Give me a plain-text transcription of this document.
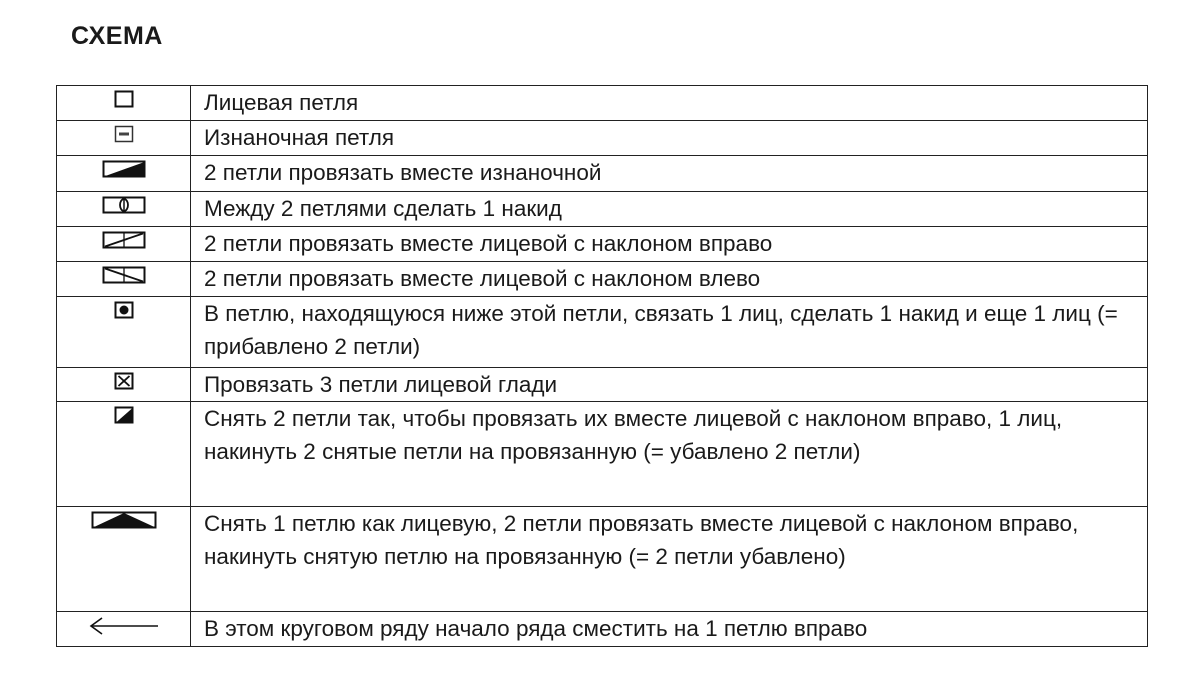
СХЕМА
	Лицевая петля

	Изнаночная петля

	2 петли провязать вместе изнаночной

	Между 2 петлями сделать 1 накид

	2 петли провязать вместе лицевой с наклоном вправо

	2 петли провязать вместе лицевой с наклоном влево

	В петлю, находящуюся ниже этой петли, связать 1 лиц, сделать 1 накид и еще 1 лиц (= прибавлено 2 петли)

	Провязать 3 петли лицевой глади

	Снять 2 петли так, чтобы провязать их вместе лицевой с наклоном вправо, 1 лиц, накинуть 2 снятые петли на провязанную (= убавлено 2 петли)

	Снять 1 петлю как лицевую, 2 петли провязать вместе лицевой с наклоном вправо, накинуть снятую петлю на провязанную (= 2 петли убавлено)

	В этом круговом ряду начало ряда сместить на 1 петлю вправо
